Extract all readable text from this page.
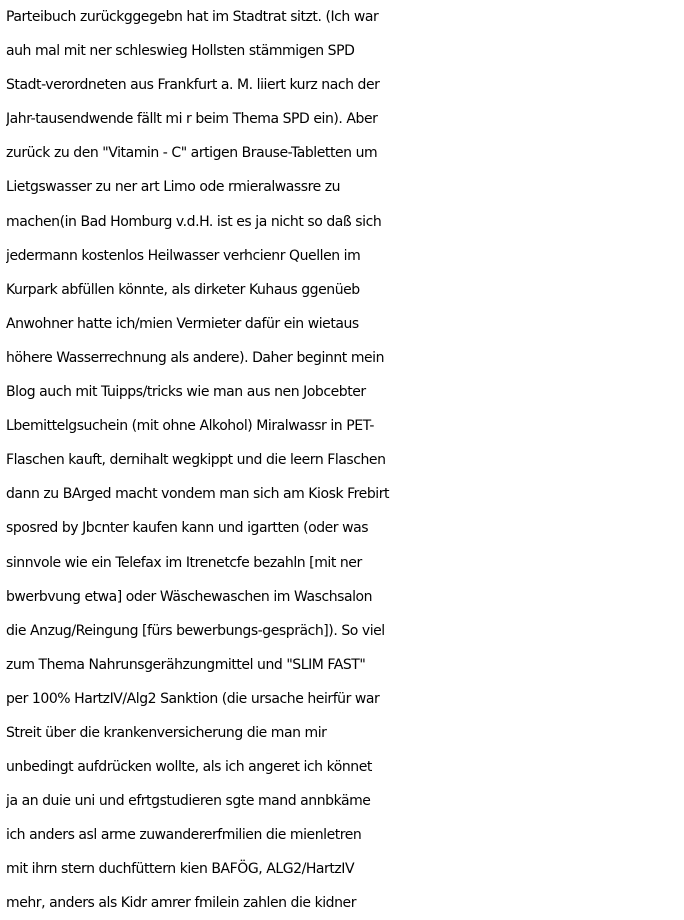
Parteibuch zurückggegebn hat im Stadtrat sitzt. (Ich war

auh mal mit ner schleswieg Hollsten stämmigen SPD

Stadt-verordneten aus Frankfurt a. M. liiert kurz nach der

Jahr-tausendwende fällt mi r beim Thema SPD ein). Aber

zurück zu den "Vitamin - C" artigen Brause-Tabletten um

Lietgswasser zu ner art Limo ode rmieralwassre zu

machen(in Bad Homburg v.d.H. ist es ja nicht so daß sich

jedermann kostenlos Heilwasser verhcienr Quellen im

Kurpark abfüllen könnte, als dirketer Kuhaus ggenüeb

Anwohner hatte ich/mien Vermieter dafür ein wietaus

höhere Wasserrechnung als andere). Daher beginnt mein

Blog auch mit Tuipps/tricks wie man aus nen Jobcebter

Lbemittelgsuchein (mit ohne Alkohol) Miralwassr in PET-

Flaschen kauft, dernihalt wegkippt und die leern Flaschen

dann zu BArged macht vondem man sich am Kiosk Frebirt

sposred by Jbcnter kaufen kann und igartten (oder was

sinnvole wie ein Telefax im Itrenetcfe bezahln [mit ner

bwerbvung etwa] oder Wäschewaschen im Waschsalon

die Anzug/Reingung [fürs bewerbungs-gespräch]). So viel

zum Thema Nahrunsgerähzungmittel und "SLIM FAST"

per 100% HartzIV/Alg2 Sanktion (die ursache heirfür war

Streit über die krankenversicherung die man mir

unbedingt aufdrücken wollte, als ich angeret ich könnet

ja an duie uni und efrtgstudieren sgte mand annbkäme

ich anders asl arme zuwandererfmilien die mienletren

mit ihrn stern duchfüttern kien BAFÖG, ALG2/HartzIV

mehr, anders als Kidr amrer fmilein zahlen die kidner
